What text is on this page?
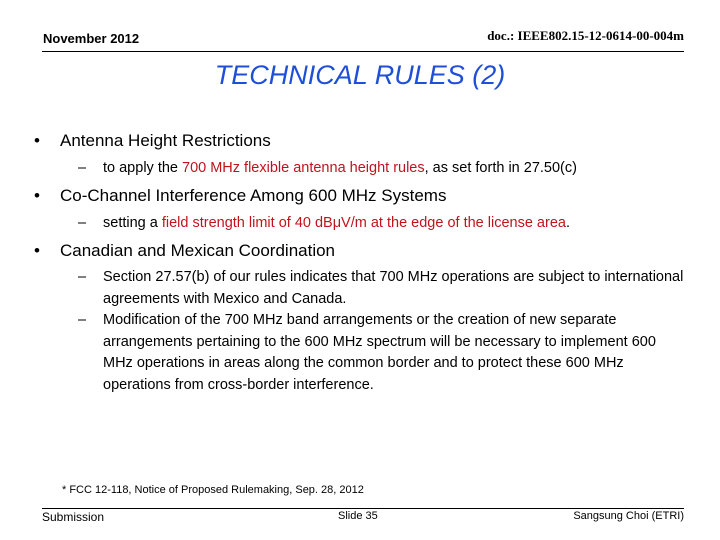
November 2012	doc.: IEEE802.15-12-0614-00-004m
TECHNICAL RULES (2)
• Antenna Height Restrictions
– to apply the 700 MHz flexible antenna height rules, as set forth in 27.50(c)
• Co-Channel Interference Among 600 MHz Systems
– setting a field strength limit of 40 dBμV/m at the edge of the license area.
• Canadian and Mexican Coordination
–	Section 27.57(b) of our rules indicates that 700 MHz operations are subject to international agreements with Mexico and Canada.
–	Modification of the 700 MHz band arrangements or the creation of new separate arrangements pertaining to the 600 MHz spectrum will be necessary to implement 600 MHz operations in areas along the common border and to protect these 600 MHz operations from cross-border interference.
* FCC 12-118, Notice of Proposed Rulemaking, Sep. 28, 2012
Submission	Slide 35	Sangsung Choi (ETRI)
